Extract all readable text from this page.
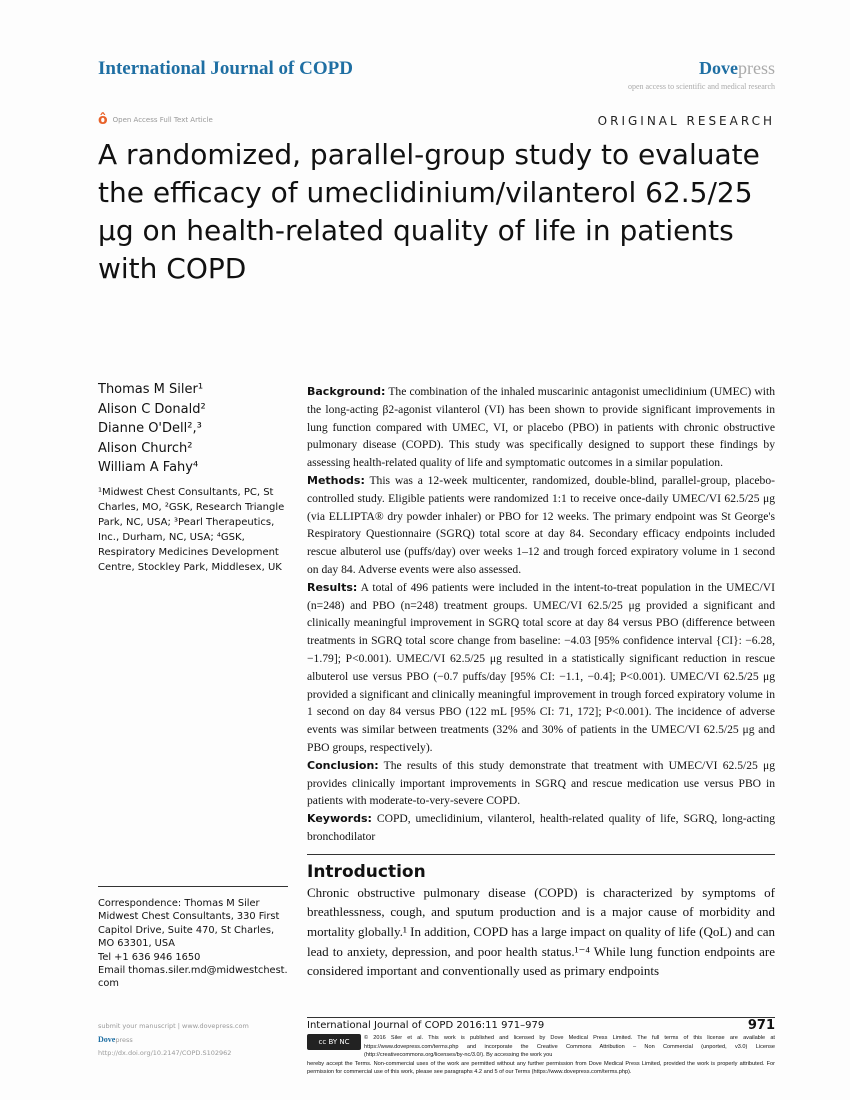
International Journal of COPD	Dovepress
open access to scientific and medical research
ô Open Access Full Text Article	ORIGINAL RESEARCH
A randomized, parallel-group study to evaluate the efficacy of umeclidinium/vilanterol 62.5/25 μg on health-related quality of life in patients with COPD
Thomas M Siler¹
Alison C Donald²
Dianne O'Dell²,³
Alison Church²
William A Fahy⁴
¹Midwest Chest Consultants, PC, St Charles, MO, ²GSK, Research Triangle Park, NC, USA; ³Pearl Therapeutics, Inc., Durham, NC, USA; ⁴GSK, Respiratory Medicines Development Centre, Stockley Park, Middlesex, UK

Background: The combination of the inhaled muscarinic antagonist umeclidinium (UMEC) with the long-acting β2-agonist vilanterol (VI) has been shown to provide significant improvements in lung function compared with UMEC, VI, or placebo (PBO) in patients with chronic obstructive pulmonary disease (COPD). This study was specifically designed to support these findings by assessing health-related quality of life and symptomatic outcomes in a similar population.

Methods: This was a 12-week multicenter, randomized, double-blind, parallel-group, placebo-controlled study. Eligible patients were randomized 1:1 to receive once-daily UMEC/VI 62.5/25 μg (via ELLIPTA® dry powder inhaler) or PBO for 12 weeks. The primary endpoint was St George's Respiratory Questionnaire (SGRQ) total score at day 84. Secondary efficacy endpoints included rescue albuterol use (puffs/day) over weeks 1–12 and trough forced expiratory volume in 1 second on day 84. Adverse events were also assessed.

Results: A total of 496 patients were included in the intent-to-treat population in the UMEC/VI (n=248) and PBO (n=248) treatment groups. UMEC/VI 62.5/25 μg provided a significant and clinically meaningful improvement in SGRQ total score at day 84 versus PBO (difference between treatments in SGRQ total score change from baseline: −4.03 [95% confidence interval {CI}: −6.28, −1.79]; P<0.001). UMEC/VI 62.5/25 μg resulted in a statistically significant reduction in rescue albuterol use versus PBO (−0.7 puffs/day [95% CI: −1.1, −0.4]; P<0.001). UMEC/VI 62.5/25 μg provided a significant and clinically meaningful improvement in trough forced expiratory volume in 1 second on day 84 versus PBO (122 mL [95% CI: 71, 172]; P<0.001). The incidence of adverse events was similar between treatments (32% and 30% of patients in the UMEC/VI 62.5/25 μg and PBO groups, respectively).

Conclusion: The results of this study demonstrate that treatment with UMEC/VI 62.5/25 μg provides clinically important improvements in SGRQ and rescue medication use versus PBO in patients with moderate-to-very-severe COPD.

Keywords: COPD, umeclidinium, vilanterol, health-related quality of life, SGRQ, long-acting bronchodilator

Introduction
Chronic obstructive pulmonary disease (COPD) is characterized by symptoms of breathlessness, cough, and sputum production and is a major cause of morbidity and mortality globally.¹ In addition, COPD has a large impact on quality of life (QoL) and can lead to anxiety, depression, and poor health status.¹⁻⁴ While lung function endpoints are considered important and conventionally used as primary endpoints
Correspondence: Thomas M Siler
Midwest Chest Consultants, 330 First Capitol Drive, Suite 470, St Charles, MO 63301, USA
Tel +1 636 946 1650
Email thomas.siler.md@midwestchest.com
submit your manuscript | www.dovepress.com
Dovepress
http://dx.doi.org/10.2147/COPD.S102962
International Journal of COPD 2016:11 971–979	971
cc BY NC	© 2016 Siler et al. This work is published and licensed by Dove Medical Press Limited. The full terms of this license are available at https://www.dovepress.com/terms.php and incorporate the Creative Commons Attribution – Non Commercial (unported, v3.0) License (http://creativecommons.org/licenses/by-nc/3.0/). By accessing the work you
hereby accept the Terms. Non-commercial uses of the work are permitted without any further permission from Dove Medical Press Limited, provided the work is properly attributed. For permission for commercial use of this work, please see paragraphs 4.2 and 5 of our Terms (https://www.dovepress.com/terms.php).
